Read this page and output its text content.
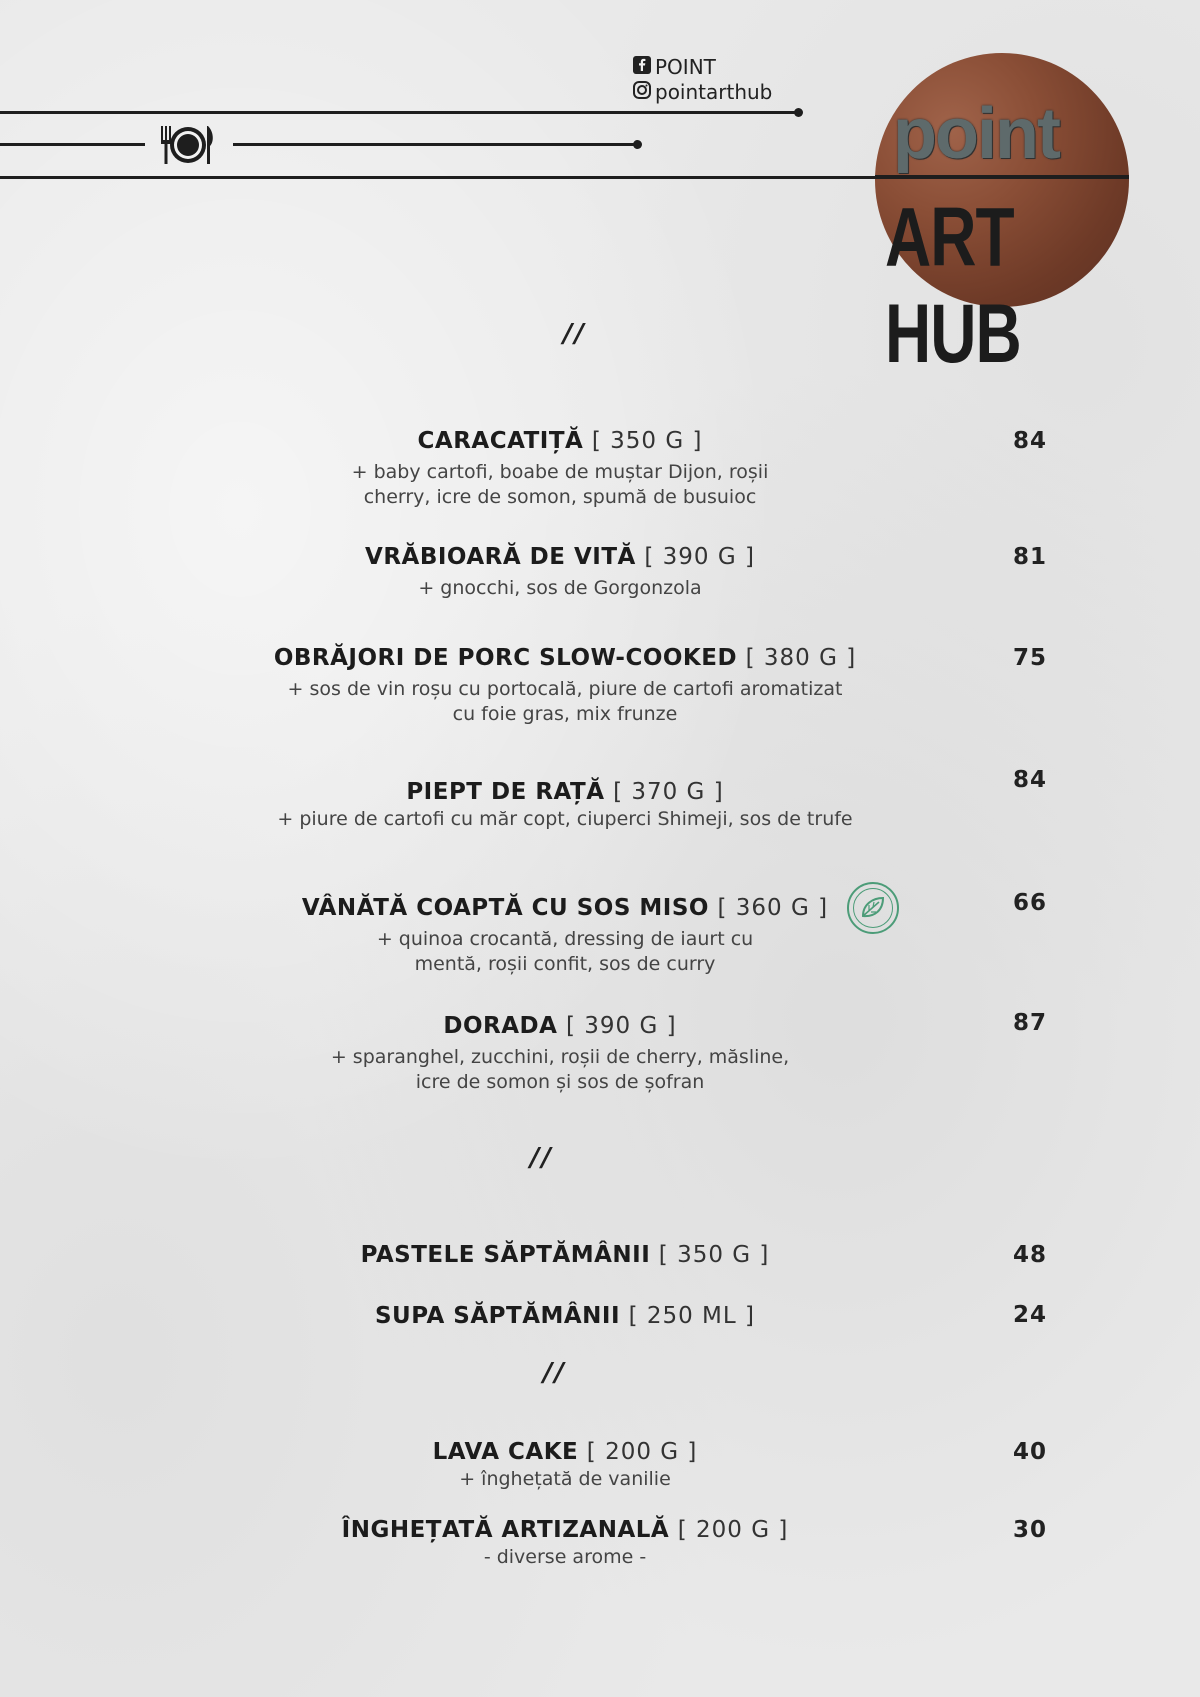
POINT
pointarthub
point
ART HUB
//
//
//
CARACATIȚĂ [ 350 G ]
+ baby cartofi, boabe de muștar Dijon, roșii
cherry, icre de somon, spumă de busuioc
84
VRĂBIOARĂ DE VITĂ [ 390 G ]
+ gnocchi, sos de Gorgonzola
81
OBRĂJORI DE PORC SLOW-COOKED [ 380 G ]
+ sos de vin roșu cu portocală, piure de cartofi aromatizat
cu foie gras, mix frunze
75
PIEPT DE RAȚĂ [ 370 G ]
+ piure de cartofi cu măr copt, ciuperci Shimeji, sos de trufe
84
VÂNĂTĂ COAPTĂ CU SOS MISO [ 360 G ]
+ quinoa crocantă, dressing de iaurt cu
mentă, roșii confit, sos de curry
66
DORADA [ 390 G ]
+ sparanghel, zucchini, roșii de cherry, măsline,
icre de somon și sos de șofran
87
PASTELE SĂPTĂMÂNII [ 350 G ]	48
SUPA SĂPTĂMÂNII [ 250 ML ]	24
LAVA CAKE [ 200 G ]
+ înghețată de vanilie
40
ÎNGHEȚATĂ ARTIZANALĂ [ 200 G ]
- diverse arome -
30
